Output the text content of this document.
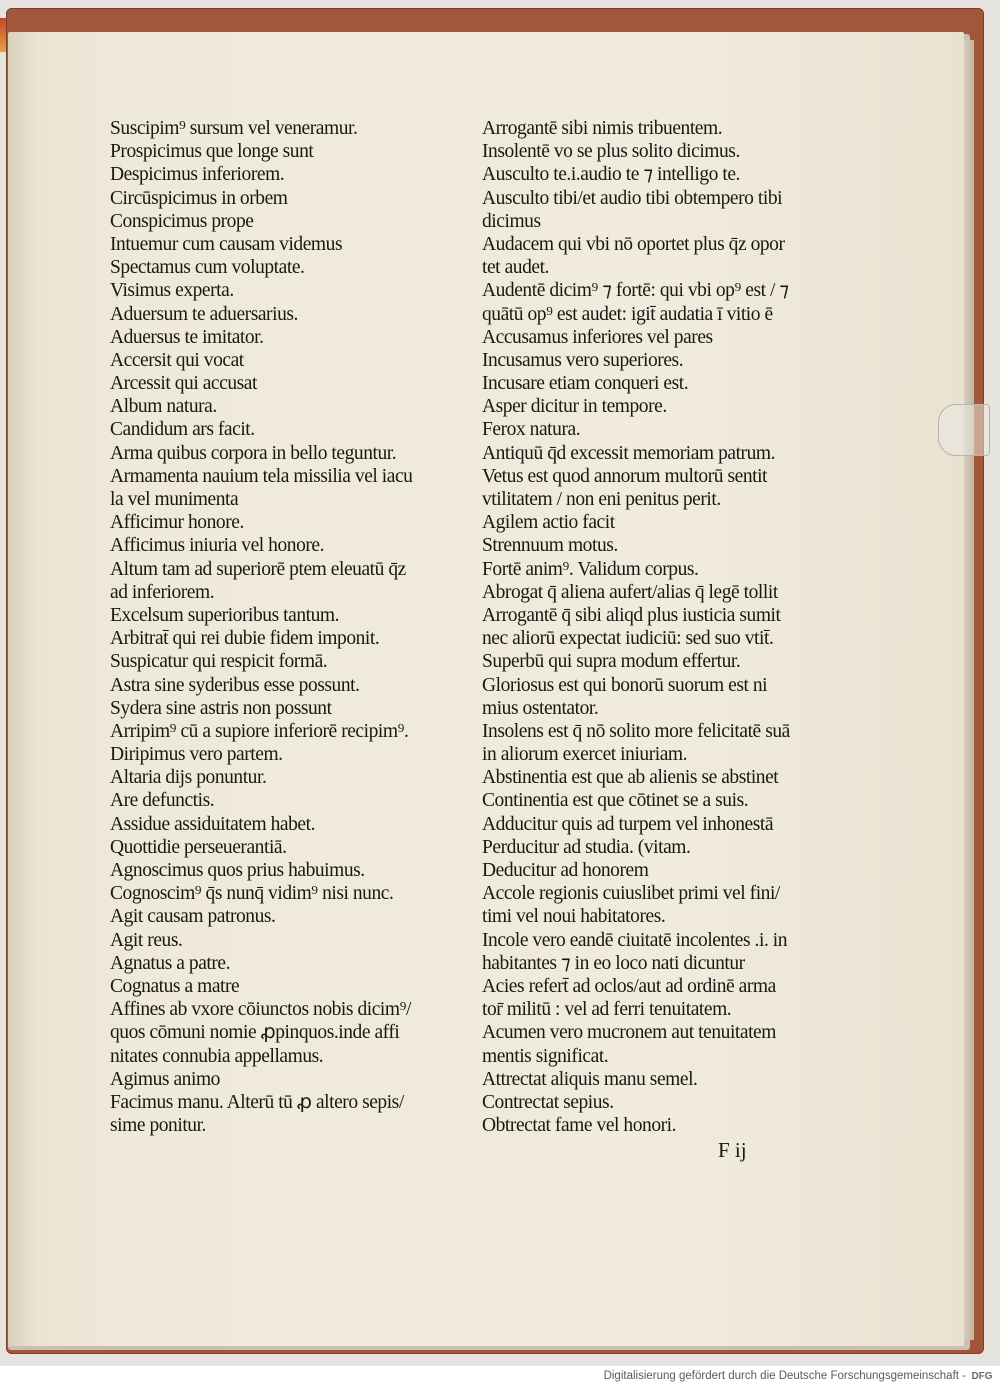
Suscipim⁹ sursum vel veneramur.
Prospicimus que longe sunt
Despicimus inferiorem.
Circūspicimus in orbem
Conspicimus prope
Intuemur cum causam videmus
Spectamus cum voluptate.
Visimus experta.
Aduersum te aduersarius.
Aduersus te imitator.
Accersit qui vocat
Arcessit qui accusat
Album natura.
Candidum ars facit.
Arma quibus corpora in bello teguntur.
Armamenta nauium tela missilia vel iacu
la vel munimenta
Afficimur honore.
Afficimus iniuria vel honore.
Altum tam ad superiorē ptem eleuatū q̄z
ad inferiorem.
Excelsum superioribus tantum.
Arbitrat̄ qui rei dubie fidem imponit.
Suspicatur qui respicit formā.
Astra sine syderibus esse possunt.
Sydera sine astris non possunt
Arripim⁹ cū a supiore inferiorē recipim⁹.
Diripimus vero partem.
Altaria dijs ponuntur.
Are defunctis.
Assidue assiduitatem habet.
Quottidie perseuerantiā.
Agnoscimus quos prius habuimus.
Cognoscim⁹ q̄s nunq̄ vidim⁹ nisi nunc.
Agit causam patronus.
Agit reus.
Agnatus a patre.
Cognatus a matre
Affines ab vxore cōiunctos nobis dicim⁹/
quos cōmuni nomie ꝓpinquos.inde affi
nitates connubia appellamus.
Agimus animo
Facimus manu. Alterū tū ꝓ altero sepis/
sime ponitur.
Arrogantē sibi nimis tribuentem.
Insolentē vo se plus solito dicimus.
Ausculto te.i.audio te ⁊ intelligo te.
Ausculto tibi/et audio tibi obtempero tibi
dicimus
Audacem qui vbi nō oportet plus q̄z opor
tet audet.
Audentē dicim⁹ ⁊ fortē: qui vbi op⁹ est / ⁊
quātū op⁹ est audet: igit̄ audatia ī vitio ē
Accusamus inferiores vel pares
Incusamus vero superiores.
Incusare etiam conqueri est.
Asper dicitur in tempore.
Ferox natura.
Antiquū q̄d excessit memoriam patrum.
Vetus est quod annorum multorū sentit
vtilitatem / non eni penitus perit.
Agilem actio facit
Strennuum motus.
Fortē anim⁹. Validum corpus.
Abrogat q̄ aliena aufert/alias q̄ legē tollit
Arrogantē q̄ sibi aliqd plus iusticia sumit
nec aliorū expectat iudiciū: sed suo vtit̄.
Superbū qui supra modum effertur.
Gloriosus est qui bonorū suorum est ni
mius ostentator.
Insolens est q̄ nō solito more felicitatē suā
in aliorum exercet iniuriam.
Abstinentia est que ab alienis se abstinet
Continentia est que cōtinet se a suis.
Adducitur quis ad turpem vel inhonestā
Perducitur ad studia. (vitam.
Deducitur ad honorem
Accole regionis cuiuslibet primi vel fini/
timi vel noui habitatores.
Incole vero eandē ciuitatē incolentes .i. in
habitantes ⁊ in eo loco nati dicuntur
Acies refert̄ ad oclos/aut ad ordinē arma
tor̄ militū : vel ad ferri tenuitatem.
Acumen vero mucronem aut tenuitatem
mentis significat.
Attrectat aliquis manu semel.
Contrectat sepius.
Obtrectat fame vel honori.
F ij
Digitalisierung gefördert durch die Deutsche Forschungsgemeinschaft - DFG
